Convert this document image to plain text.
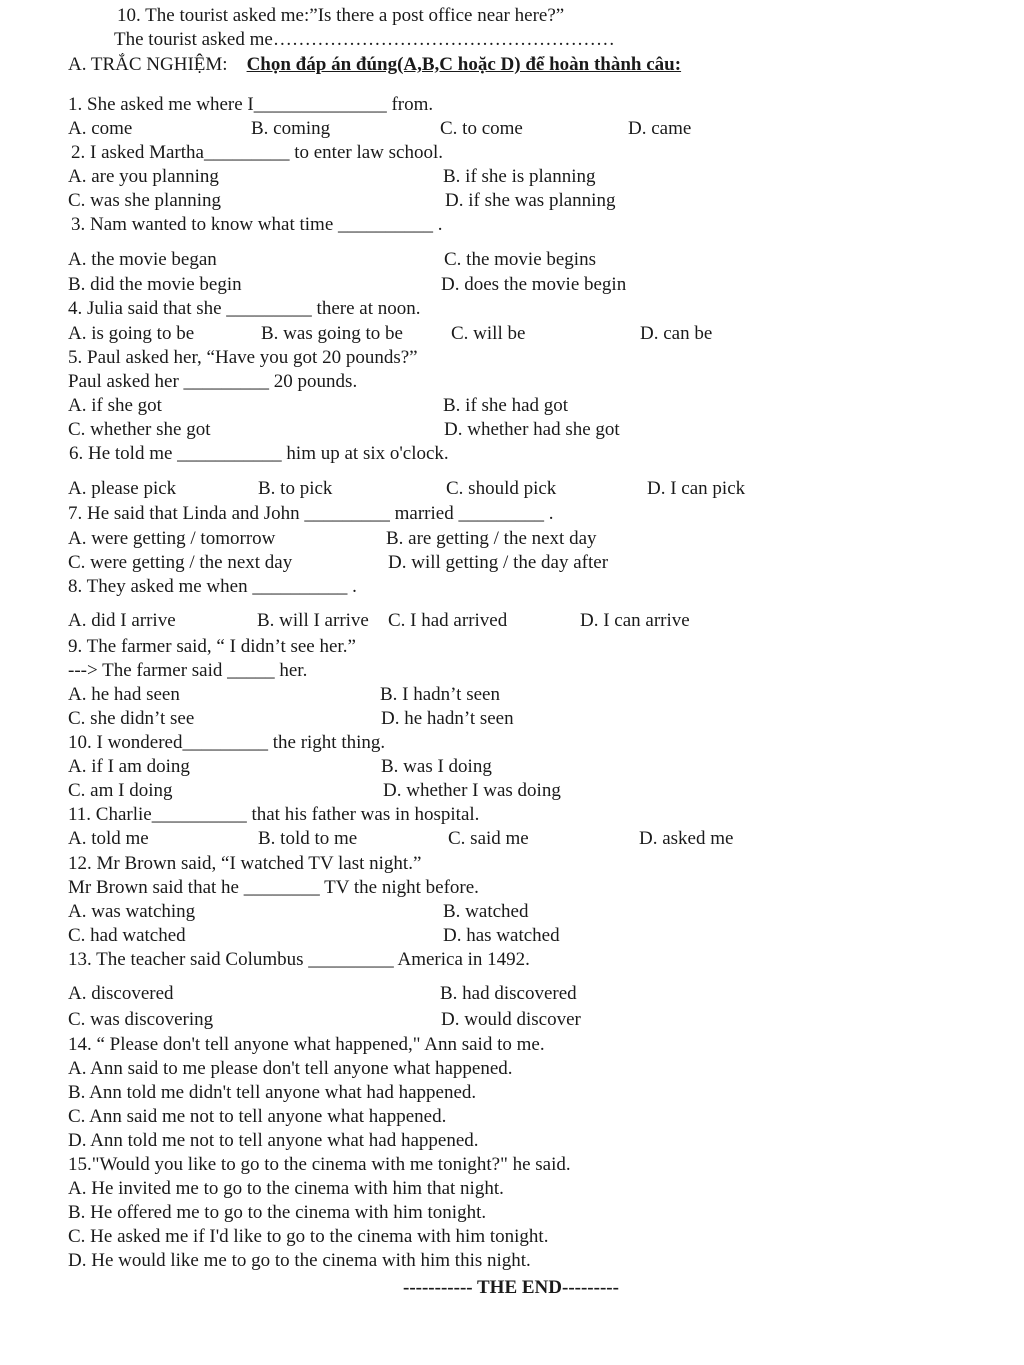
10. The tourist asked me:”Is there a post office near here?”
The tourist asked me………………………………………………
A. TRẮC NGHIỆM: Chọn đáp án đúng(A,B,C hoặc D) để hoàn thành câu:
1. She asked me where I______________ from.
A. come	B. coming	C. to come	D. came
2. I asked Martha_________ to enter law school.
A. are you planning	B. if she is planning
C. was she planning	D. if she was planning
3. Nam wanted to know what time __________ .
A. the movie began	C. the movie begins
B. did the movie begin	D. does the movie begin
4. Julia said that she _________ there at noon.
A. is going to be	B. was going to be	C. will be	D. can be
5. Paul asked her, “Have you got 20 pounds?”
Paul asked her _________ 20 pounds.
A. if she got	B. if she had got
C. whether she got	D. whether had she got
6. He told me ___________ him up at six o'clock.
A. please pick	B. to pick	C. should pick	D. I can pick
7. He said that Linda and John _________ married _________ .
A. were getting / tomorrow	B. are getting / the next day
C. were getting / the next day	D. will getting / the day after
8. They asked me when __________ .
A. did I arrive	B. will I arrive C. I had arrived	D. I can arrive
9. The farmer said, “ I didn’t see her.”
---> The farmer said _____ her.
A. he had seen	B. I hadn’t seen
C. she didn’t see	D. he hadn’t seen
10. I wondered_________ the right thing.
A. if I am doing	B. was I doing
C. am I doing	D. whether I was doing
11. Charlie__________ that his father was in hospital.
A. told me	B. told to me	C. said me	D. asked me
12. Mr Brown said, “I watched TV last night.”
Mr Brown said that he ________ TV the night before.
A. was watching	B. watched
C. had watched	D. has watched
13. The teacher said Columbus _________ America in 1492.
A. discovered	B. had discovered
C. was discovering	D. would discover
14. “ Please don't tell anyone what happened," Ann said to me.
A. Ann said to me please don't tell anyone what happened.
B. Ann told me didn't tell anyone what had happened.
C. Ann said me not to tell anyone what happened.
D. Ann told me not to tell anyone what had happened.
15."Would you like to go to the cinema with me tonight?" he said.
A. He invited me to go to the cinema with him that night.
B. He offered me to go to the cinema with him tonight.
C. He asked me if I'd like to go to the cinema with him tonight.
D. He would like me to go to the cinema with him this night.
----------- THE END---------
